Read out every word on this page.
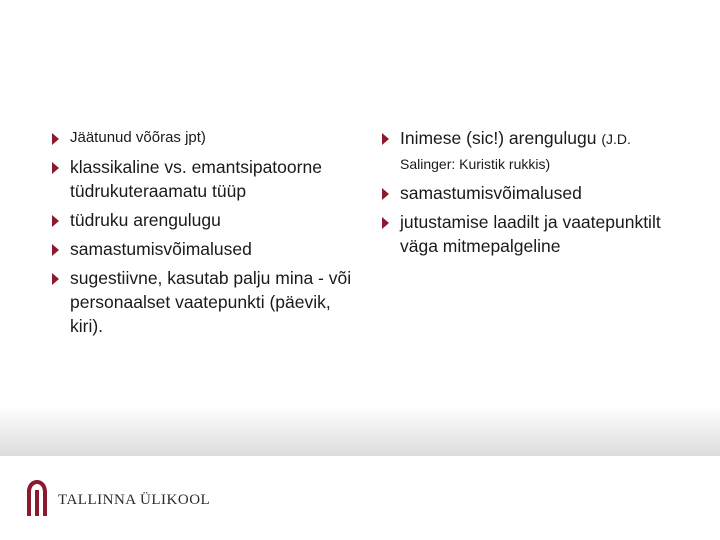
Jäätunud võõras jpt)
klassikaline vs. emantsipatoorne tüdrukuteraamatu tüüp
tüdruku arengulugu
samastumisvõimalused
sugestiivne, kasutab palju mina - või personaalset vaatepunkti (päevik, kiri).
Inimese (sic!) arengulugu (J.D. Salinger: Kuristik rukkis)
samastumisvõimalused
jutustamise laadilt ja vaatepunktilt väga mitmepalgeline
TALLINNA ÜLIKOOL
